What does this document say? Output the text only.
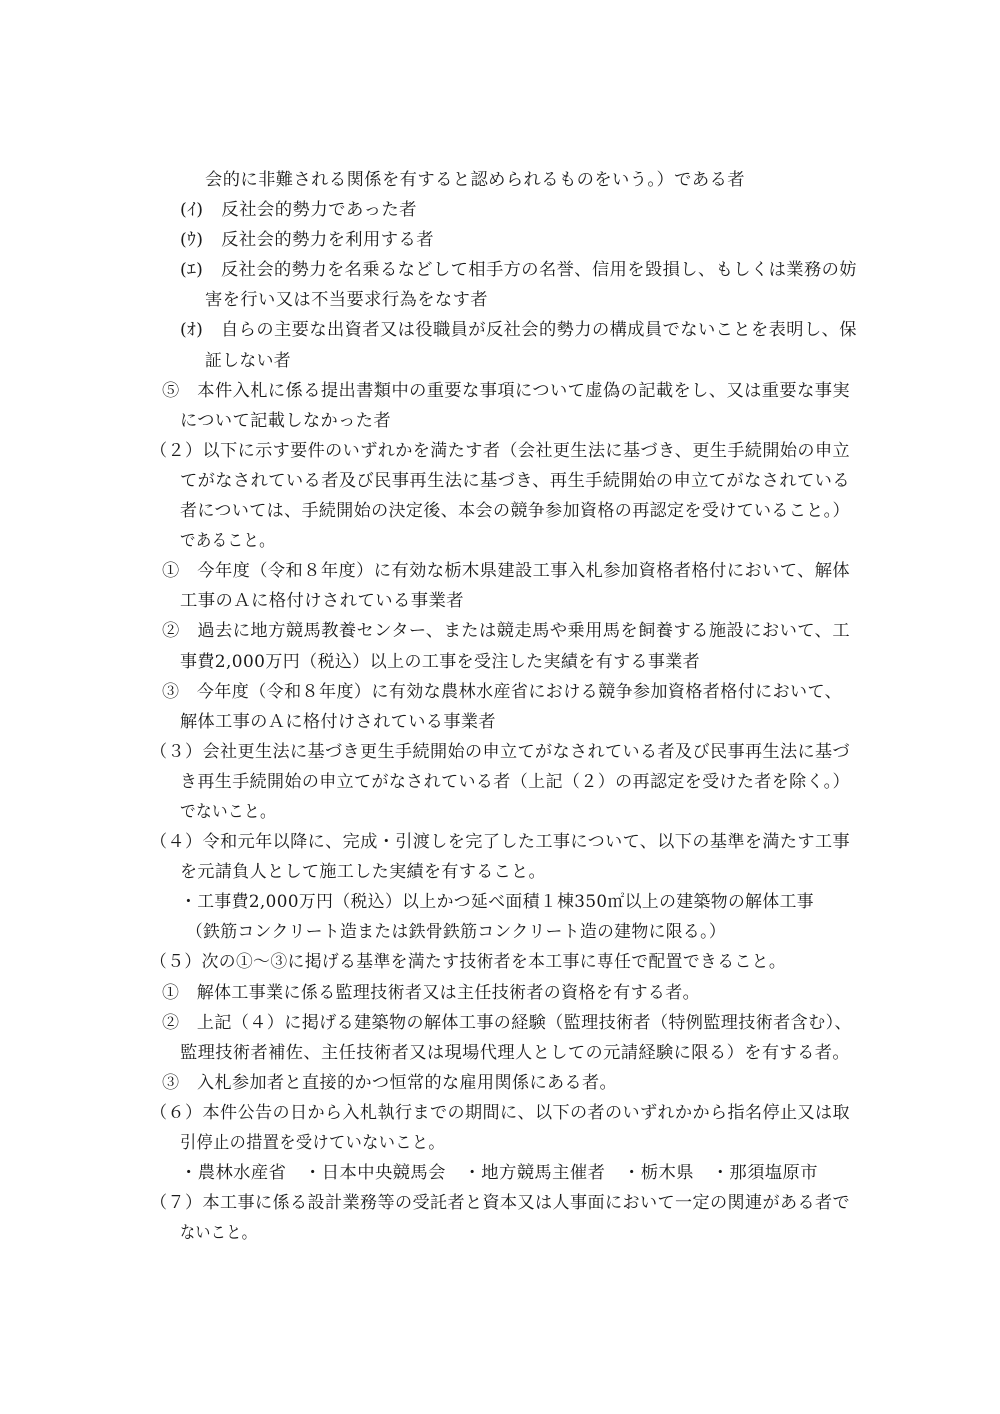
会的に非難される関係を有すると認められるものをいう。）である者
(ｲ)　反社会的勢力であった者
(ｳ)　反社会的勢力を利用する者
(ｴ)　反社会的勢力を名乗るなどして相手方の名誉、信用を毀損し、もしくは業務の妨
害を行い又は不当要求行為をなす者
(ｵ)　自らの主要な出資者又は役職員が反社会的勢力の構成員でないことを表明し、保
証しない者
⑤　本件入札に係る提出書類中の重要な事項について虚偽の記載をし、又は重要な事実
について記載しなかった者
（２）以下に示す要件のいずれかを満たす者（会社更生法に基づき、更生手続開始の申立
てがなされている者及び民事再生法に基づき、再生手続開始の申立てがなされている
者については、手続開始の決定後、本会の競争参加資格の再認定を受けていること。）
であること。
①　今年度（令和８年度）に有効な栃木県建設工事入札参加資格者格付において、解体
工事のＡに格付けされている事業者
②　過去に地方競馬教養センター、または競走馬や乗用馬を飼養する施設において、工
事費2,000万円（税込）以上の工事を受注した実績を有する事業者
③　今年度（令和８年度）に有効な農林水産省における競争参加資格者格付において、
解体工事のＡに格付けされている事業者
（３）会社更生法に基づき更生手続開始の申立てがなされている者及び民事再生法に基づ
き再生手続開始の申立てがなされている者（上記（２）の再認定を受けた者を除く。）
でないこと。
（４）令和元年以降に、完成・引渡しを完了した工事について、以下の基準を満たす工事
を元請負人として施工した実績を有すること。
・工事費2,000万円（税込）以上かつ延べ面積１棟350㎡以上の建築物の解体工事
（鉄筋コンクリート造または鉄骨鉄筋コンクリート造の建物に限る。）
（５）次の①～③に掲げる基準を満たす技術者を本工事に専任で配置できること。
①　解体工事業に係る監理技術者又は主任技術者の資格を有する者。
②　上記（４）に掲げる建築物の解体工事の経験（監理技術者（特例監理技術者含む）、
監理技術者補佐、主任技術者又は現場代理人としての元請経験に限る）を有する者。
③　入札参加者と直接的かつ恒常的な雇用関係にある者。
（６）本件公告の日から入札執行までの期間に、以下の者のいずれかから指名停止又は取
引停止の措置を受けていないこと。
・農林水産省　・日本中央競馬会　・地方競馬主催者　・栃木県　・那須塩原市
（７）本工事に係る設計業務等の受託者と資本又は人事面において一定の関連がある者で
ないこと。
